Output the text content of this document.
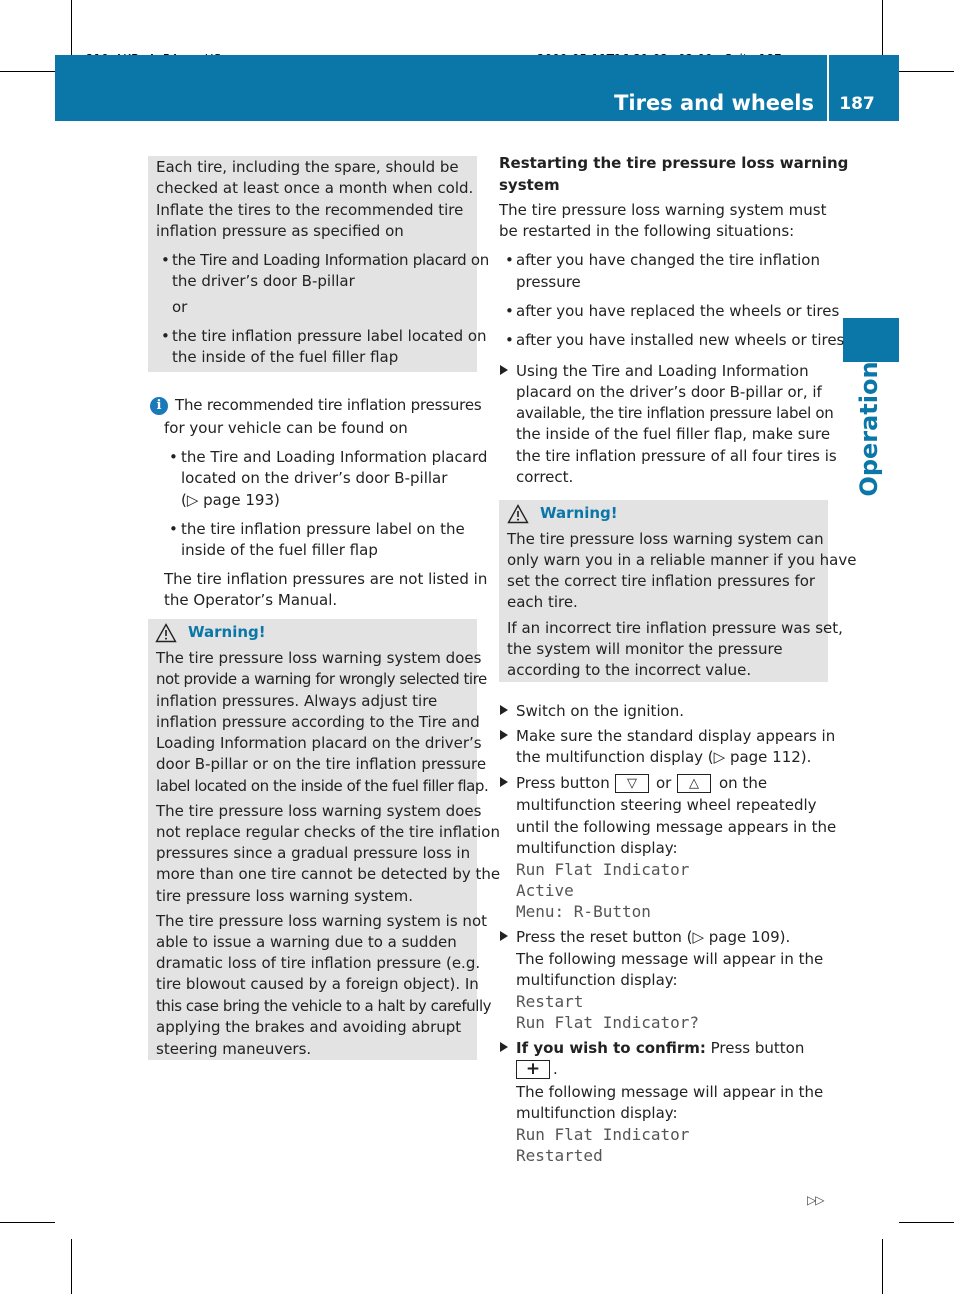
Tires and wheels	187
Operation
Each tire, including the spare, should be
checked at least once a month when cold.
Inflate the tires to the recommended tire
inflation pressure as specified on
• the Tire and Loading Information placard on
the driver’s door B-pillar
or
• the tire inflation pressure label located on
the inside of the fuel filler flap
i The recommended tire inflation pressures
for your vehicle can be found on
• the Tire and Loading Information placard
located on the driver’s door B-pillar
(▷ page 193)
• the tire inflation pressure label on the
inside of the fuel filler flap
The tire inflation pressures are not listed in
the Operator’s Manual.
Warning!
The tire pressure loss warning system does
not provide a warning for wrongly selected tire
inflation pressures. Always adjust tire
inflation pressure according to the Tire and
Loading Information placard on the driver’s
door B-pillar or on the tire inflation pressure
label located on the inside of the fuel filler flap.
The tire pressure loss warning system does
not replace regular checks of the tire inflation
pressures since a gradual pressure loss in
more than one tire cannot be detected by the
tire pressure loss warning system.
The tire pressure loss warning system is not
able to issue a warning due to a sudden
dramatic loss of tire inflation pressure (e.g.
tire blowout caused by a foreign object). In
this case bring the vehicle to a halt by carefully
applying the brakes and avoiding abrupt
steering maneuvers.
Restarting the tire pressure loss warning
system
The tire pressure loss warning system must
be restarted in the following situations:
• after you have changed the tire inflation
pressure
• after you have replaced the wheels or tires
• after you have installed new wheels or tires
Using the Tire and Loading Information
placard on the driver’s door B-pillar or, if
available, the tire inflation pressure label on
the inside of the fuel filler flap, make sure
the tire inflation pressure of all four tires is
correct.
Warning!
The tire pressure loss warning system can
only warn you in a reliable manner if you have
set the correct tire inflation pressures for
each tire.
If an incorrect tire inflation pressure was set,
the system will monitor the pressure
according to the incorrect value.
Switch on the ignition.
Make sure the standard display appears in
the multifunction display (▷ page 112).
Press button	▽	or	△	on the
multifunction steering wheel repeatedly
until the following message appears in the
multifunction display:
Run Flat Indicator
Active
Menu: R-Button
Press the reset button (▷ page 109).
The following message will appear in the
multifunction display:
Restart
Run Flat Indicator?
If you wish to confirm: Press button
+ .
The following message will appear in the
multifunction display:
Run Flat Indicator
Restarted
▷▷
